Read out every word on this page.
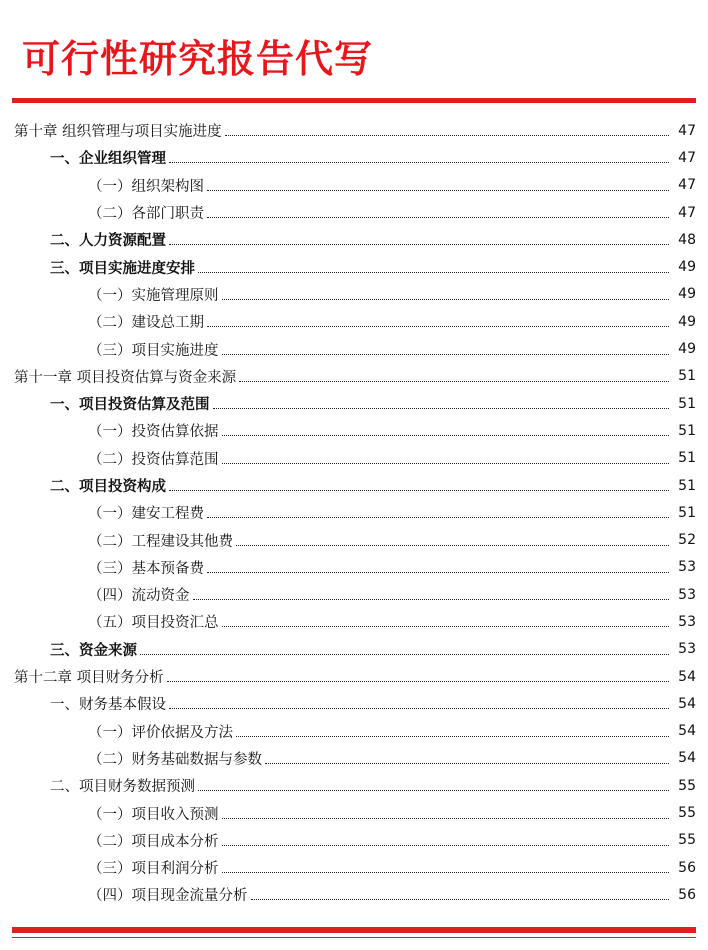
可行性研究报告代写
第十章 组织管理与项目实施进度	47
一、企业组织管理	47
（一）组织架构图	47
（二）各部门职责	47
二、人力资源配置	48
三、项目实施进度安排	49
（一）实施管理原则	49
（二）建设总工期	49
（三）项目实施进度	49
第十一章 项目投资估算与资金来源	51
一、项目投资估算及范围	51
（一）投资估算依据	51
（二）投资估算范围	51
二、项目投资构成	51
（一）建安工程费	51
（二）工程建设其他费	52
（三）基本预备费	53
（四）流动资金	53
（五）项目投资汇总	53
三、资金来源	53
第十二章 项目财务分析	54
一、财务基本假设	54
（一）评价依据及方法	54
（二）财务基础数据与参数	54
二、项目财务数据预测	55
（一）项目收入预测	55
（二）项目成本分析	55
（三）项目利润分析	56
（四）项目现金流量分析	56
